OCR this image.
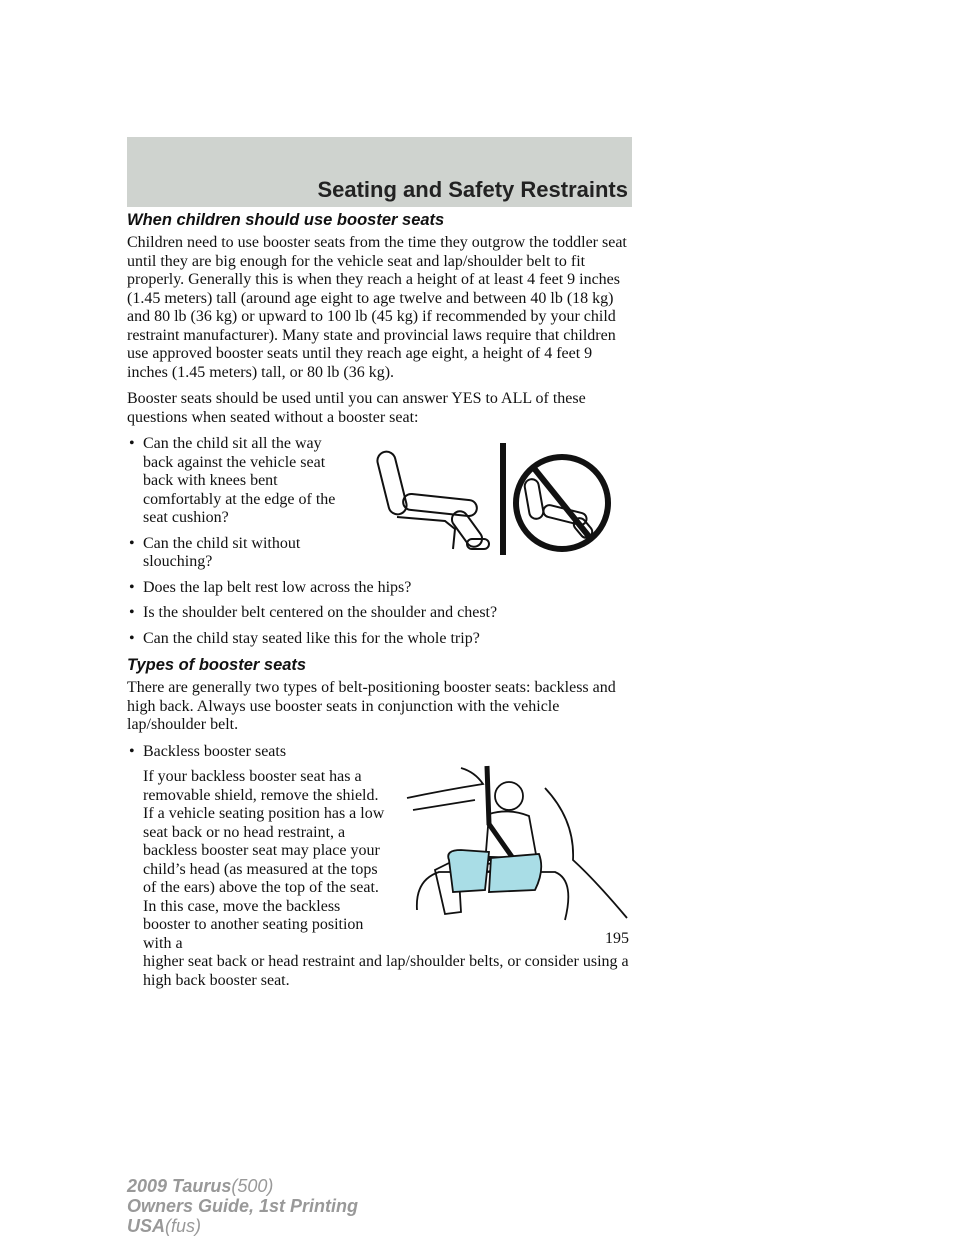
Seating and Safety Restraints
When children should use booster seats

Children need to use booster seats from the time they outgrow the toddler seat until they are big enough for the vehicle seat and lap/shoulder belt to fit properly. Generally this is when they reach a height of at least 4 feet 9 inches (1.45 meters) tall (around age eight to age twelve and between 40 lb (18 kg) and 80 lb (36 kg) or upward to 100 lb (45 kg) if recommended by your child restraint manufacturer). Many state and provincial laws require that children use approved booster seats until they reach age eight, a height of 4 feet 9 inches (1.45 meters) tall, or 80 lb (36 kg).

Booster seats should be used until you can answer YES to ALL of these questions when seated without a booster seat:

• Can the child sit all the way back against the vehicle seat back with knees bent comfortably at the edge of the seat cushion?
• Can the child sit without slouching?
• Does the lap belt rest low across the hips?
• Is the shoulder belt centered on the shoulder and chest?
• Can the child stay seated like this for the whole trip?
Types of booster seats

There are generally two types of belt-positioning booster seats: backless and high back. Always use booster seats in conjunction with the vehicle lap/shoulder belt.

• Backless booster seats

If your backless booster seat has a removable shield, remove the shield. If a vehicle seating position has a low seat back or no head restraint, a backless booster seat may place your child’s head (as measured at the tops of the ears) above the top of the seat. In this case, move the backless booster to another seating position with a

higher seat back or head restraint and lap/shoulder belts, or consider using a high back booster seat.

195
2009 Taurus(500)
Owners Guide, 1st Printing
USA(fus)
